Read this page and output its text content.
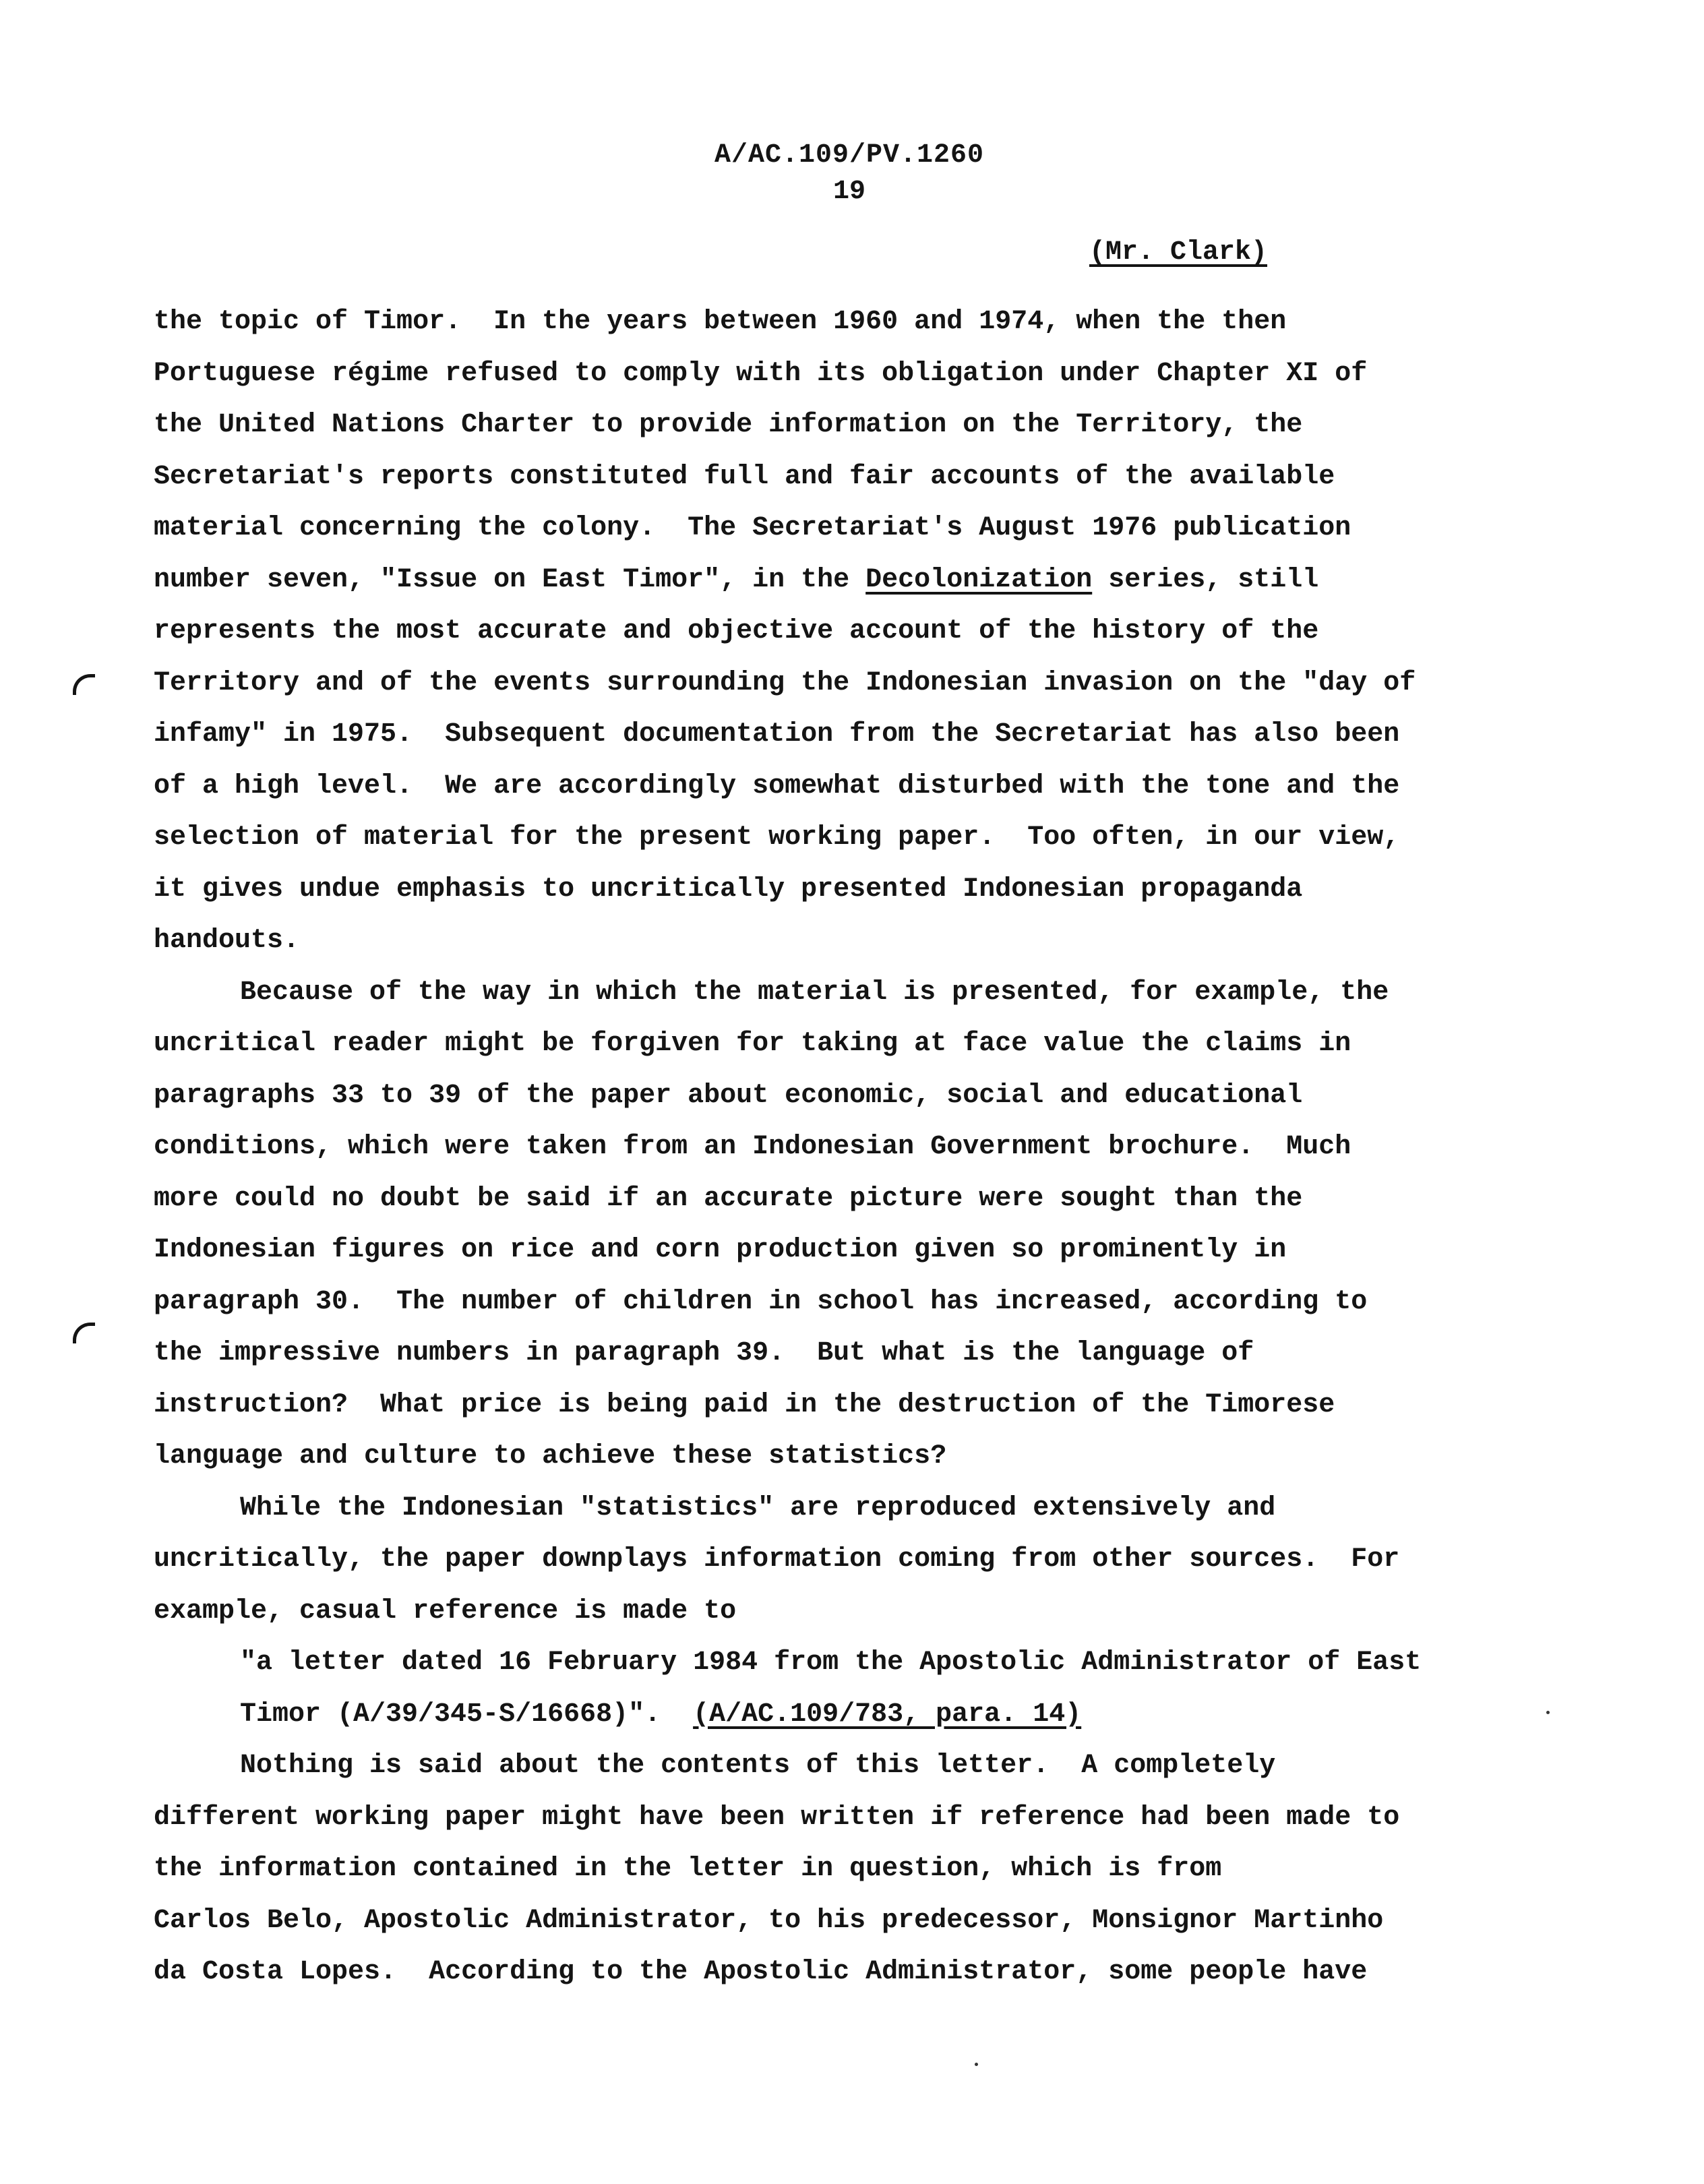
A/AC.109/PV.1260
19
(Mr. Clark)
the topic of Timor.  In the years between 1960 and 1974, when the then
Portuguese régime refused to comply with its obligation under Chapter XI of
the United Nations Charter to provide information on the Territory, the
Secretariat's reports constituted full and fair accounts of the available
material concerning the colony.  The Secretariat's August 1976 publication
number seven, "Issue on East Timor", in the Decolonization series, still
represents the most accurate and objective account of the history of the
Territory and of the events surrounding the Indonesian invasion on the "day of
infamy" in 1975.  Subsequent documentation from the Secretariat has also been
of a high level.  We are accordingly somewhat disturbed with the tone and the
selection of material for the present working paper.  Too often, in our view,
it gives undue emphasis to uncritically presented Indonesian propaganda
handouts.
Because of the way in which the material is presented, for example, the
uncritical reader might be forgiven for taking at face value the claims in
paragraphs 33 to 39 of the paper about economic, social and educational
conditions, which were taken from an Indonesian Government brochure.  Much
more could no doubt be said if an accurate picture were sought than the
Indonesian figures on rice and corn production given so prominently in
paragraph 30.  The number of children in school has increased, according to
the impressive numbers in paragraph 39.  But what is the language of
instruction?  What price is being paid in the destruction of the Timorese
language and culture to achieve these statistics?
While the Indonesian "statistics" are reproduced extensively and
uncritically, the paper downplays information coming from other sources.  For
example, casual reference is made to
"a letter dated 16 February 1984 from the Apostolic Administrator of East
Timor (A/39/345-S/16668)".  (A/AC.109/783, para. 14)
Nothing is said about the contents of this letter.  A completely
different working paper might have been written if reference had been made to
the information contained in the letter in question, which is from
Carlos Belo, Apostolic Administrator, to his predecessor, Monsignor Martinho
da Costa Lopes.  According to the Apostolic Administrator, some people have
